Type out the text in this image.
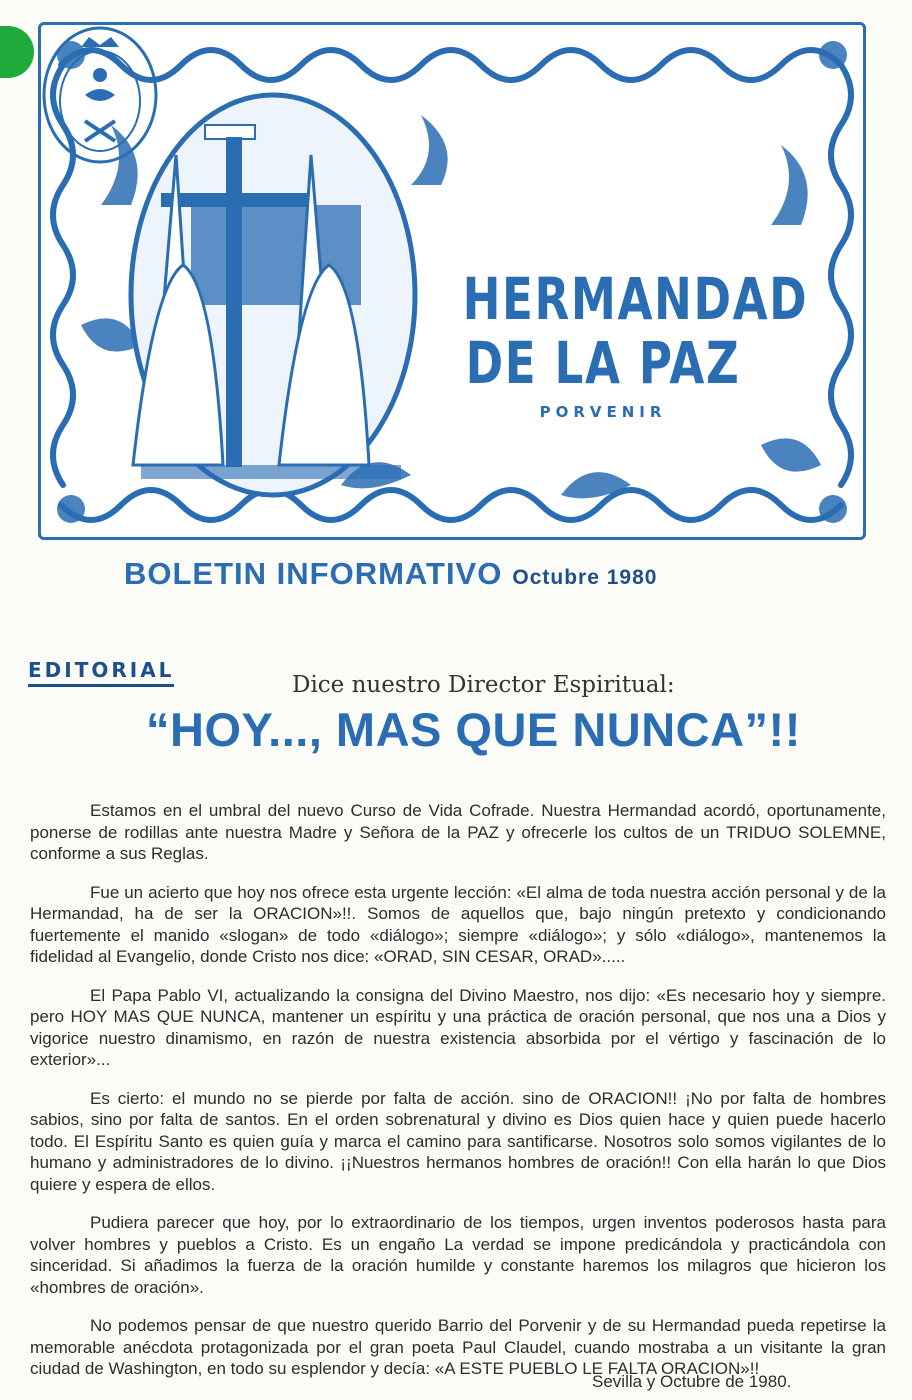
HERMANDAD
DE LA PAZ
PORVENIR
BOLETIN INFORMATIVO Octubre 1980
EDITORIAL
Dice nuestro Director Espiritual:
“HOY..., MAS QUE NUNCA”!!

Estamos en el umbral del nuevo Curso de Vida Cofrade. Nuestra Hermandad acordó, oportunamente, ponerse de rodillas ante nuestra Madre y Señora de la PAZ y ofrecerle los cultos de un TRIDUO SOLEMNE, conforme a sus Reglas.

Fue un acierto que hoy nos ofrece esta urgente lección: «El alma de toda nuestra acción personal y de la Hermandad, ha de ser la ORACION»!!. Somos de aquellos que, bajo ningún pretexto y condicionando fuertemente el manido «slogan» de todo «diálogo»; siempre «diálogo»; y sólo «diálogo», mantenemos la fidelidad al Evangelio, donde Cristo nos dice: «ORAD, SIN CESAR, ORAD».....

El Papa Pablo VI, actualizando la consigna del Divino Maestro, nos dijo: «Es necesario hoy y siempre. pero HOY MAS QUE NUNCA, mantener un espíritu y una práctica de oración personal, que nos una a Dios y vigorice nuestro dinamismo, en razón de nuestra existencia absorbida por el vértigo y fascinación de lo exterior»...

Es cierto: el mundo no se pierde por falta de acción. sino de ORACION!! ¡No por falta de hombres sabios, sino por falta de santos. En el orden sobrenatural y divino es Dios quien hace y quien puede hacerlo todo. El Espíritu Santo es quien guía y marca el camino para santificarse. Nosotros solo somos vigilantes de lo humano y administradores de lo divino. ¡¡Nuestros hermanos hombres de oración!! Con ella harán lo que Dios quiere y espera de ellos.

Pudiera parecer que hoy, por lo extraordinario de los tiempos, urgen inventos poderosos hasta para volver hombres y pueblos a Cristo. Es un engaño La verdad se impone predicándola y practicándola con sinceridad. Si añadimos la fuerza de la oración humilde y constante haremos los milagros que hicieron los «hombres de oración».

No podemos pensar de que nuestro querido Barrio del Porvenir y de su Hermandad pueda repetirse la memorable anécdota protagonizada por el gran poeta Paul Claudel, cuando mostraba a un visitante la gran ciudad de Washington, en todo su esplendor y decía: «A ESTE PUEBLO LE FALTA ORACION»!!

Sevilla y Octubre de 1980.
